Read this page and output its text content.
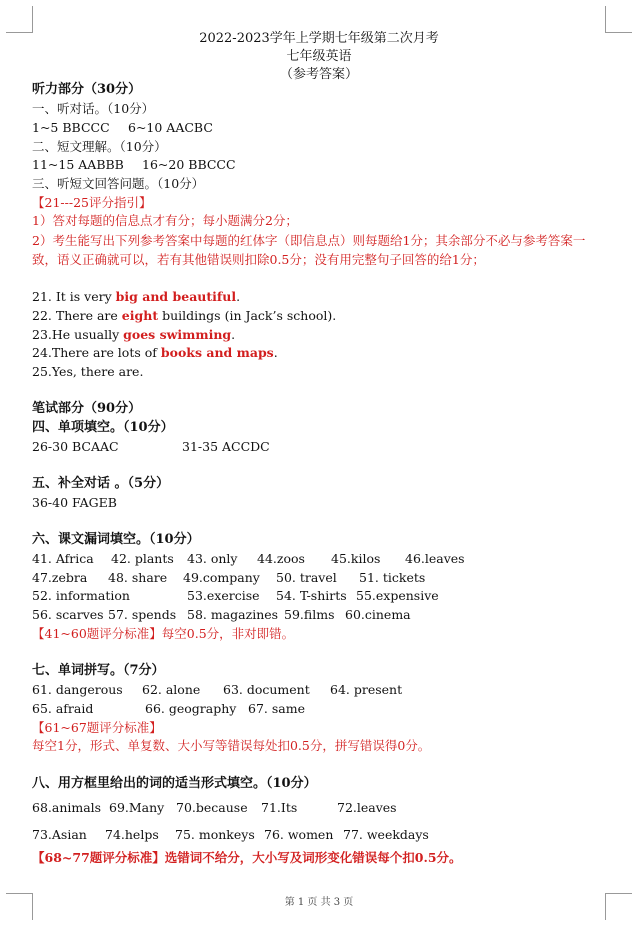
2022-2023学年上学期七年级第二次月考
七年级英语
（参考答案）
听力部分（30分）
一、听对话。（10分）
1~5 BBCCC 6~10 AACBC
二、短文理解。（10分）
11~15 AABBB 16~20 BBCCC
三、听短文回答问题。（10分）
【21---25评分指引】
1）答对每题的信息点才有分；每小题满分2分；
2）考生能写出下列参考答案中每题的红体字（即信息点）则每题给1分；其余部分不必与参考答案一致，语义正确就可以，若有其他错误则扣除0.5分；没有用完整句子回答的给1分；
21. It is very big and beautiful.
22. There are eight buildings (in Jack’s school).
23.He usually goes swimming.
24.There are lots of books and maps.
25.Yes, there are.
笔试部分（90分）
四、单项填空。（10分）
26-30 BCAAC	31-35 ACCDC
五、补全对话 。（5分）
36-40 FAGEB
六、课文漏词填空。（10分）
41. Africa 42. plants 43. only 44.zoos 45.kilos 46.leaves
47.zebra 48. share 49.company 50. travel 51. tickets
52. information	53.exercise 54. T-shirts 55.expensive
56. scarves 57. spends 58. magazines 59.films 60.cinema
【41~60题评分标准】每空0.5分，非对即错。
七、单词拼写。（7分）
61. dangerous 62. alone 63. document 64. present
65. afraid	66. geography 67. same
【61~67题评分标准】
每空1分，形式、单复数、大小写等错误每处扣0.5分，拼写错误得0分。
八、用方框里给出的词的适当形式填空。（10分）
68.animals 69.Many 70.because 71.Its	72.leaves
73.Asian 74.helps 75. monkeys 76. women 77. weekdays
【68~77题评分标准】选错词不给分，大小写及词形变化错误每个扣0.5分。
第 1 页 共 3 页
